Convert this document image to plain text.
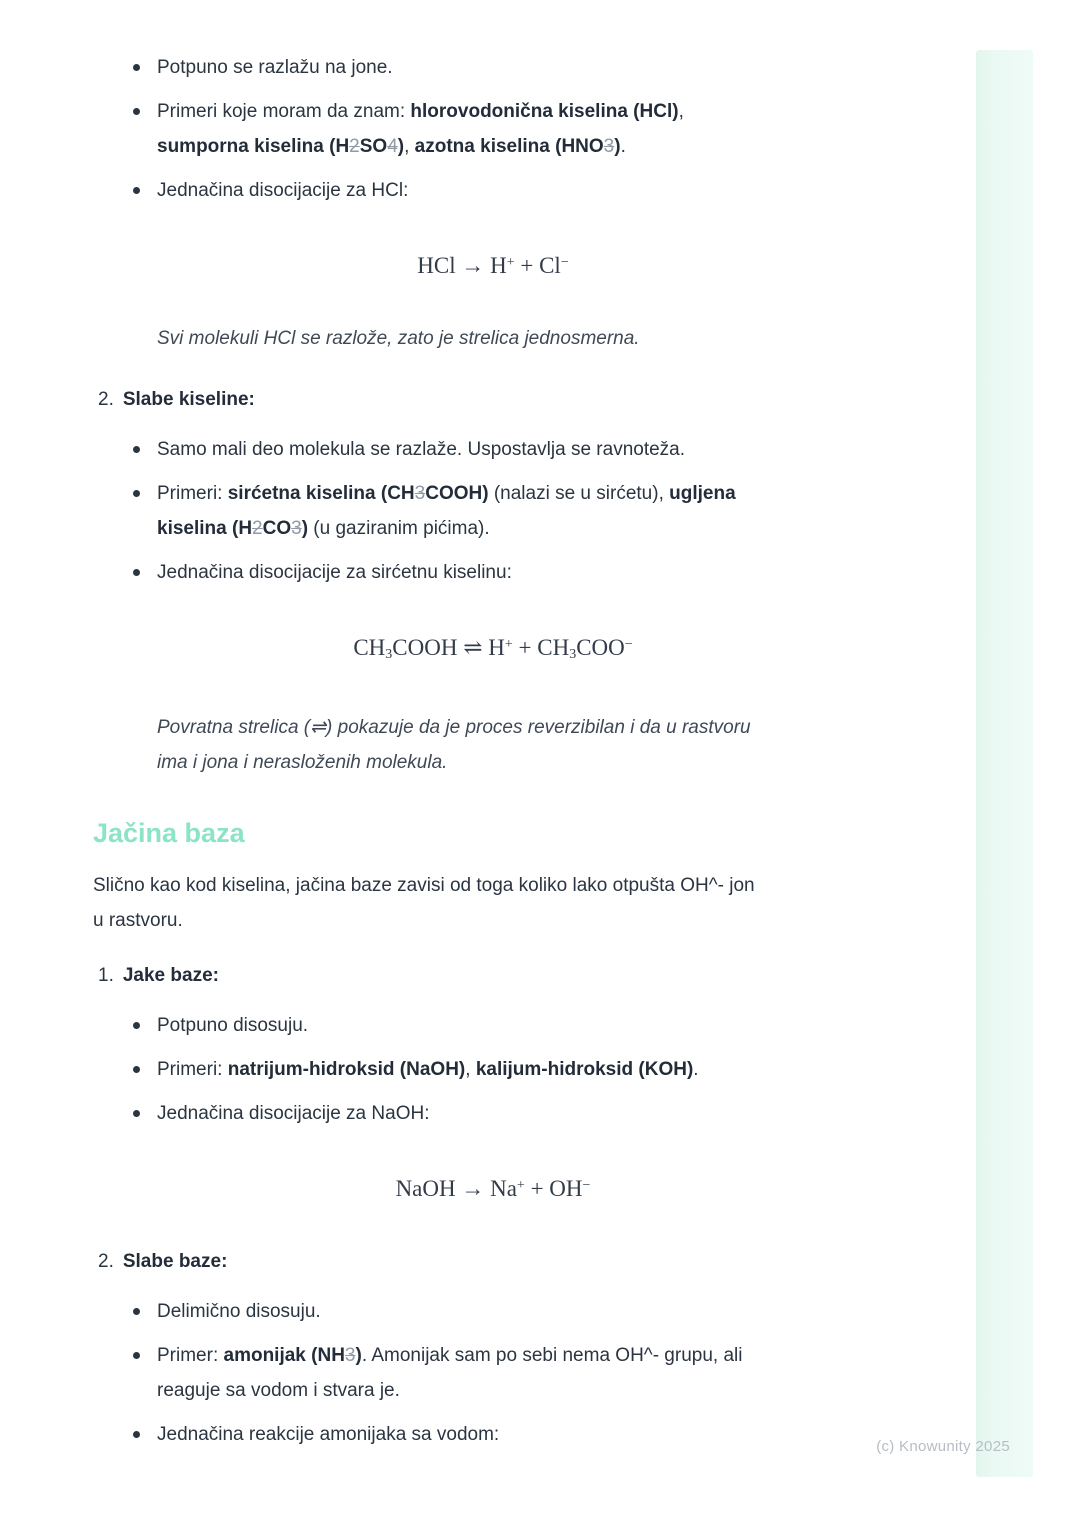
Potpuno se razlažu na jone.
Primeri koje moram da znam: hlorovodonična kiselina (HCl),
sumporna kiselina (H2SO4), azotna kiselina (HNO3).
Jednačina disocijacije za HCl:
HCl → H+ + Cl−
Svi molekuli HCl se razlože, zato je strelica jednosmerna.
2. Slabe kiseline:
Samo mali deo molekula se razlaže. Uspostavlja se ravnoteža.
Primeri: sirćetna kiselina (CH3COOH) (nalazi se u sirćetu), ugljena
kiselina (H2CO3) (u gaziranim pićima).
Jednačina disocijacije za sirćetnu kiselinu:
$CH_3COOH$ ⇌ $H^+ + CH_3COO^-$
Povratna strelica (⇌) pokazuje da je proces reverzibilan i da u rastvoru
ima i jona i nerasloženih molekula.
Jačina baza
Slično kao kod kiselina, jačina baze zavisi od toga koliko lako otpušta OH^- jon
u rastvoru.
1. Jake baze:
Potpuno disosuju.
Primeri: natrijum-hidroksid (NaOH), kalijum-hidroksid (KOH).
Jednačina disocijacije za NaOH:
NaOH → Na+ + OH−
2. Slabe baze:
Delimično disosuju.
Primer: amonijak (NH3). Amonijak sam po sebi nema OH^- grupu, ali
reaguje sa vodom i stvara je.
Jednačina reakcije amonijaka sa vodom:
(c) Knowunity 2025
